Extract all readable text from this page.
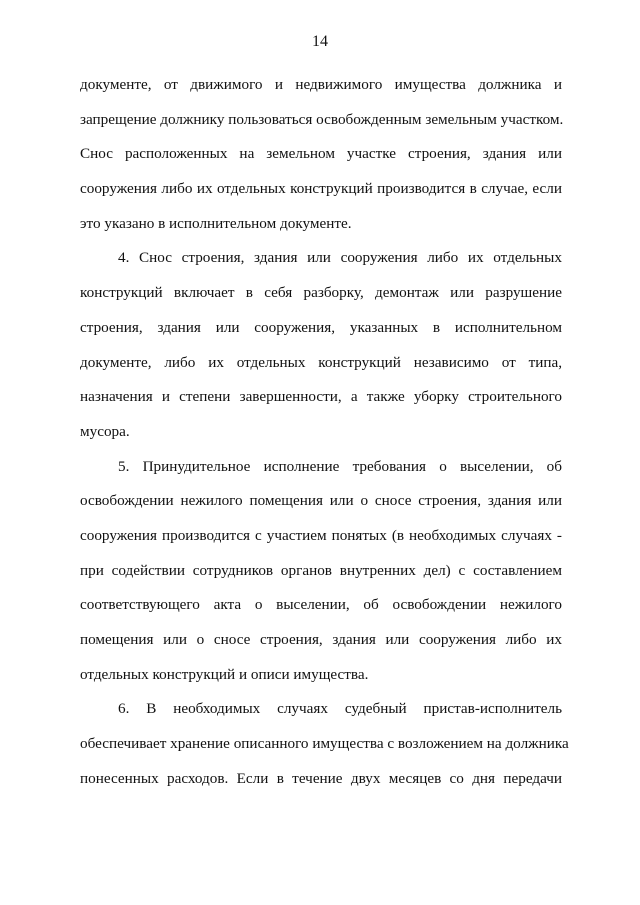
14
документе, от движимого и недвижимого имущества должника и
запрещение должнику пользоваться освобожденным земельным участком.
Снос расположенных на земельном участке строения, здания или
сооружения либо их отдельных конструкций производится в случае, если
это указано в исполнительном документе.
4. Снос строения, здания или сооружения либо их отдельных
конструкций включает в себя разборку, демонтаж или разрушение
строения, здания или сооружения, указанных в исполнительном
документе, либо их отдельных конструкций независимо от типа,
назначения и степени завершенности, а также уборку строительного
мусора.
5. Принудительное исполнение требования о выселении, об
освобождении нежилого помещения или о сносе строения, здания или
сооружения производится с участием понятых (в необходимых случаях -
при содействии сотрудников органов внутренних дел) с составлением
соответствующего акта о выселении, об освобождении нежилого
помещения или о сносе строения, здания или сооружения либо их
отдельных конструкций и описи имущества.
6. В необходимых случаях судебный пристав-исполнитель
обеспечивает хранение описанного имущества с возложением на должника
понесенных расходов. Если в течение двух месяцев со дня передачи
